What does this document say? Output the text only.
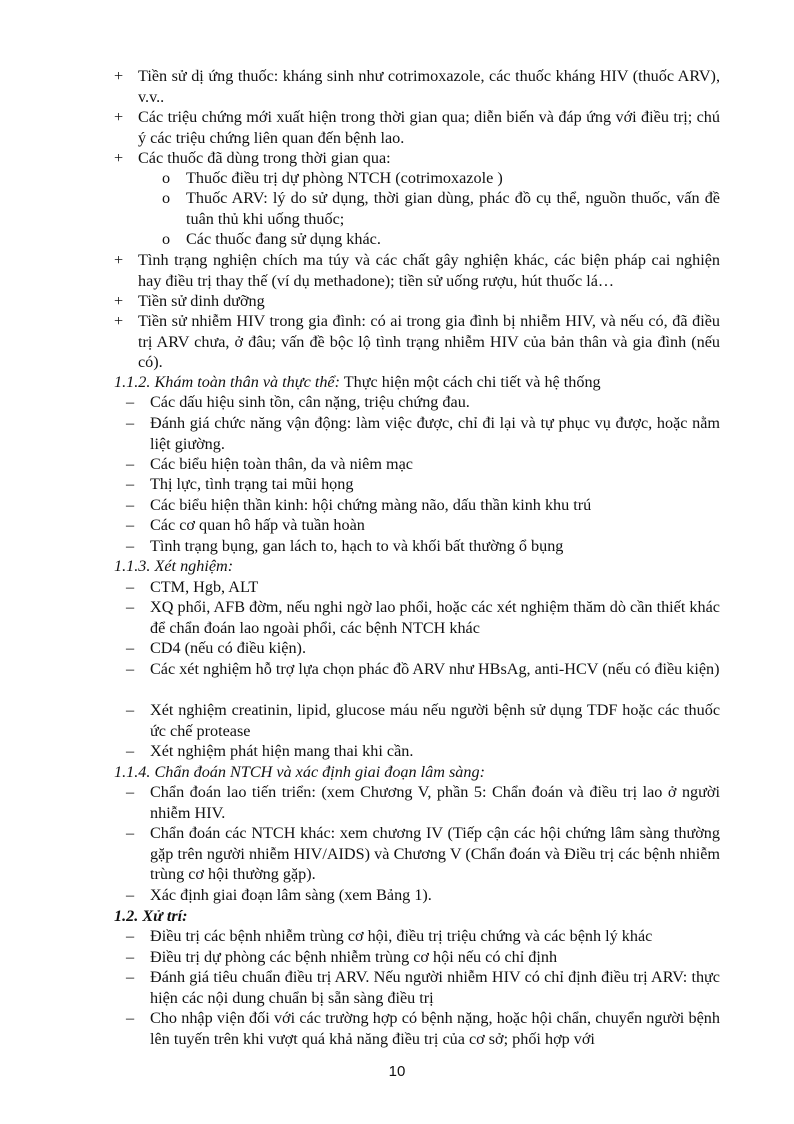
+ Tiền sử dị ứng thuốc: kháng sinh như cotrimoxazole, các thuốc kháng HIV (thuốc ARV), v.v..
+ Các triệu chứng mới xuất hiện trong thời gian qua; diễn biến và đáp ứng với điều trị; chú ý các triệu chứng liên quan đến bệnh lao.
+ Các thuốc đã dùng trong thời gian qua:
o Thuốc điều trị dự phòng NTCH (cotrimoxazole )
o Thuốc ARV: lý do sử dụng, thời gian dùng, phác đồ cụ thể, nguồn thuốc, vấn đề tuân thủ khi uống thuốc;
o Các thuốc đang sử dụng khác.
+ Tình trạng nghiện chích ma túy và các chất gây nghiện khác, các biện pháp cai nghiện hay điều trị thay thế (ví dụ methadone); tiền sử uống rượu, hút thuốc lá…
+ Tiền sử dinh dưỡng
+ Tiền sử nhiễm HIV trong gia đình: có ai trong gia đình bị nhiễm HIV, và nếu có, đã điều trị ARV chưa, ở đâu; vấn đề bộc lộ tình trạng nhiễm HIV của bản thân và gia đình (nếu có).
1.1.2. Khám toàn thân và thực thể: Thực hiện một cách chi tiết và hệ thống
– Các dấu hiệu sinh tồn, cân nặng, triệu chứng đau.
– Đánh giá chức năng vận động: làm việc được, chỉ đi lại và tự phục vụ được, hoặc nằm liệt giường.
– Các biểu hiện toàn thân, da và niêm mạc
– Thị lực, tình trạng tai mũi họng
– Các biểu hiện thần kinh: hội chứng màng não, dấu thần kinh khu trú
– Các cơ quan hô hấp và tuần hoàn
– Tình trạng bụng, gan lách to, hạch to và khối bất thường ổ bụng
1.1.3. Xét nghiệm:
– CTM, Hgb, ALT
– XQ phổi, AFB đờm, nếu nghi ngờ lao phổi, hoặc các xét nghiệm thăm dò cần thiết khác để chẩn đoán lao ngoài phổi, các bệnh NTCH khác
– CD4 (nếu có điều kiện).
– Các xét nghiệm hỗ trợ lựa chọn phác đồ ARV như HBsAg, anti-HCV (nếu có điều kiện)
– Xét nghiệm creatinin, lipid, glucose máu nếu người bệnh sử dụng TDF hoặc các thuốc ức chế protease
– Xét nghiệm phát hiện mang thai khi cần.
1.1.4. Chẩn đoán NTCH và xác định giai đoạn lâm sàng:
– Chẩn đoán lao tiến triển: (xem Chương V, phần 5: Chẩn đoán và điều trị lao ở người nhiễm HIV.
– Chẩn đoán các NTCH khác: xem chương IV (Tiếp cận các hội chứng lâm sàng thường gặp trên người nhiễm HIV/AIDS) và Chương V (Chẩn đoán và Điều trị các bệnh nhiễm trùng cơ hội thường gặp).
– Xác định giai đoạn lâm sàng (xem Bảng 1).
1.2. Xử trí:
– Điều trị các bệnh nhiễm trùng cơ hội, điều trị triệu chứng và các bệnh lý khác
– Điều trị dự phòng các bệnh nhiễm trùng cơ hội nếu có chỉ định
– Đánh giá tiêu chuẩn điều trị ARV. Nếu người nhiễm HIV có chỉ định điều trị ARV: thực hiện các nội dung chuẩn bị sẵn sàng điều trị
– Cho nhập viện đối với các trường hợp có bệnh nặng, hoặc hội chẩn, chuyển người bệnh lên tuyến trên khi vượt quá khả năng điều trị của cơ sở; phối hợp với
10
